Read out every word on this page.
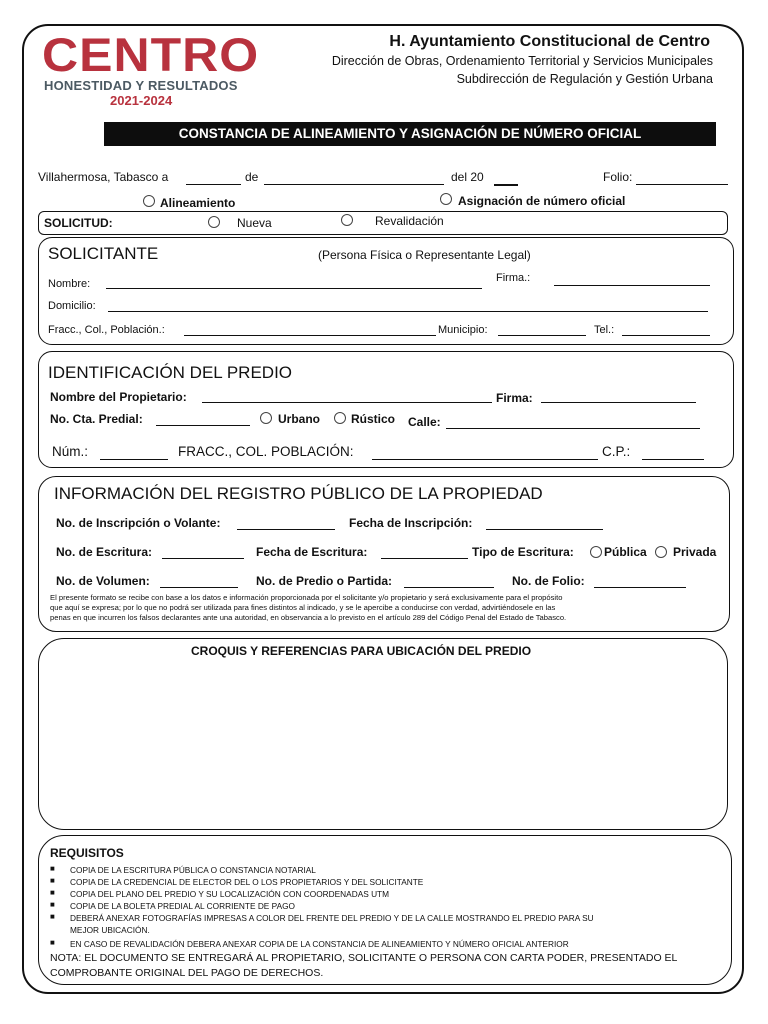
CENTRO
HONESTIDAD Y RESULTADOS
2021-2024
H. Ayuntamiento Constitucional de Centro
Dirección de Obras, Ordenamiento Territorial y Servicios Municipales
Subdirección de Regulación y Gestión Urbana
CONSTANCIA DE ALINEAMIENTO Y ASIGNACIÓN DE NÚMERO OFICIAL
Villahermosa, Tabasco a	de	del 20	Folio:
Alineamiento	Asignación de número oficial
SOLICITUD:	Nueva	Revalidación
SOLICITANTE	(Persona Física o Representante Legal)
Nombre:	Firma.:
Domicilio:
Fracc., Col., Población.:	Municipio:	Tel.:
IDENTIFICACIÓN DEL PREDIO
Nombre del Propietario:	Firma:
No. Cta. Predial:	Urbano	Rústico Calle:
Núm.:	FRACC., COL. POBLACIÓN:	C.P.:
INFORMACIÓN DEL REGISTRO PÚBLICO DE LA PROPIEDAD
No. de Inscripción o Volante:	Fecha de Inscripción:
No. de Escritura:	Fecha de Escritura:	Tipo de Escritura:	Pública Privada
No. de Volumen:	No. de Predio o Partida:	No. de Folio:
El presente formato se recibe con base a los datos e información proporcionada por el solicitante y/o propietario y será exclusivamente para el propósito
que aquí se expresa; por lo que no podrá ser utilizada para fines distintos al indicado, y se le apercibe a conducirse con verdad, advirtiéndosele en las
penas en que incurren los falsos declarantes ante una autoridad, en observancia a lo previsto en el artículo 289 del Código Penal del Estado de Tabasco.
CROQUIS Y REFERENCIAS PARA UBICACIÓN DEL PREDIO
REQUISITOS
■ COPIA DE LA ESCRITURA PÚBLICA O CONSTANCIA NOTARIAL
■ COPIA DE LA CREDENCIAL DE ELECTOR DEL O LOS PROPIETARIOS Y DEL SOLICITANTE
■ COPIA DEL PLANO DEL PREDIO Y SU LOCALIZACIÓN CON COORDENADAS UTM
■ COPIA DE LA BOLETA PREDIAL AL CORRIENTE DE PAGO
■ DEBERÁ ANEXAR FOTOGRAFÍAS IMPRESAS A COLOR DEL FRENTE DEL PREDIO Y DE LA CALLE MOSTRANDO EL PREDIO PARA SU
MEJOR UBICACIÓN.
■ EN CASO DE REVALIDACIÓN DEBERA ANEXAR COPIA DE LA CONSTANCIA DE ALINEAMIENTO Y NÚMERO OFICIAL ANTERIOR
NOTA: EL DOCUMENTO SE ENTREGARÁ AL PROPIETARIO, SOLICITANTE O PERSONA CON CARTA PODER, PRESENTADO EL
COMPROBANTE ORIGINAL DEL PAGO DE DERECHOS.
